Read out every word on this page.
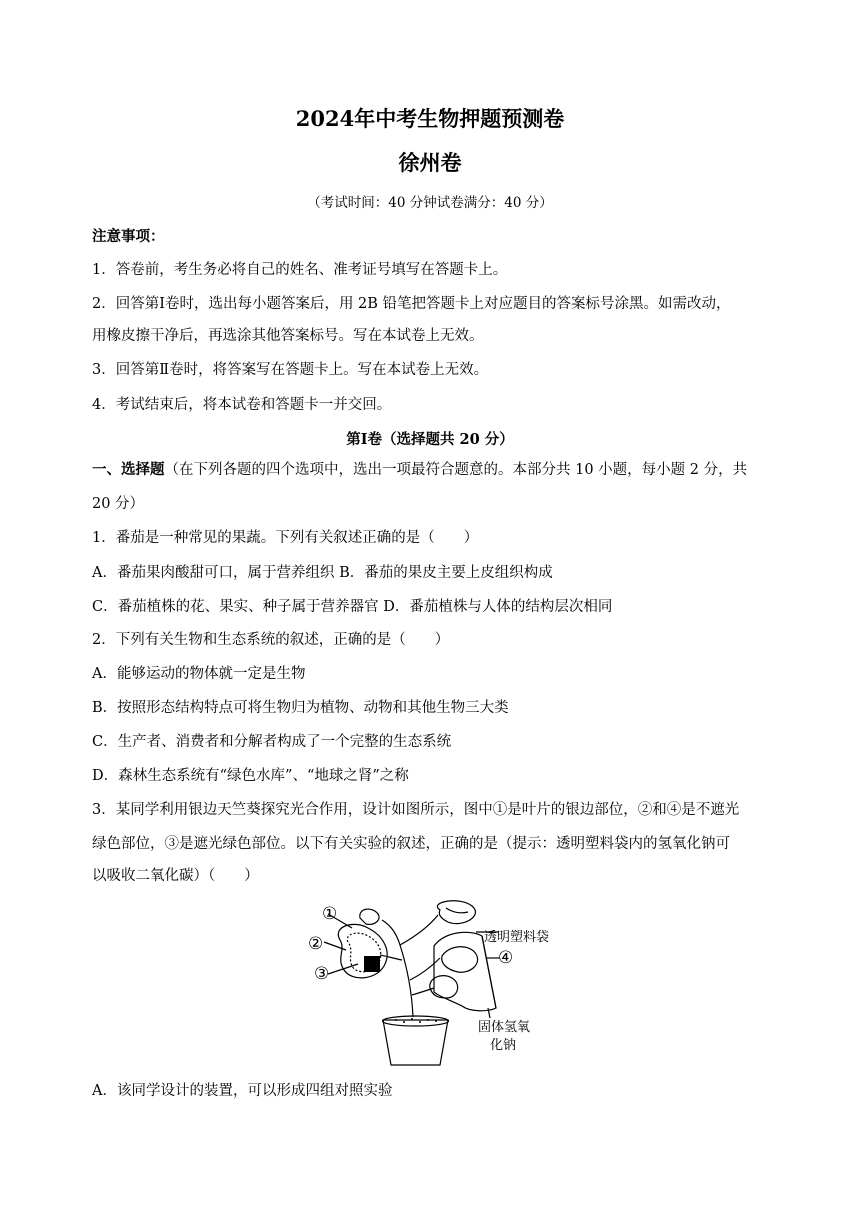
2024年中考生物押题预测卷
徐州卷
（考试时间：40 分钟试卷满分：40 分）
注意事项：
1．答卷前，考生务必将自己的姓名、准考证号填写在答题卡上。
2．回答第Ⅰ卷时，选出每小题答案后，用 2B 铅笔把答题卡上对应题目的答案标号涂黑。如需改动，
用橡皮擦干净后，再选涂其他答案标号。写在本试卷上无效。
3．回答第Ⅱ卷时，将答案写在答题卡上。写在本试卷上无效。
4．考试结束后，将本试卷和答题卡一并交回。
第Ⅰ卷（选择题共 20 分）
一、选择题（在下列各题的四个选项中，选出一项最符合题意的。本部分共 10 小题，每小题 2 分，共
20 分）
1．番茄是一种常见的果蔬。下列有关叙述正确的是（　　）
A．番茄果肉酸甜可口，属于营养组织 B．番茄的果皮主要上皮组织构成
C．番茄植株的花、果实、种子属于营养器官 D．番茄植株与人体的结构层次相同
2．下列有关生物和生态系统的叙述，正确的是（　　）
A．能够运动的物体就一定是生物
B．按照形态结构特点可将生物归为植物、动物和其他生物三大类
C．生产者、消费者和分解者构成了一个完整的生态系统
D．森林生态系统有“绿色水库”、“地球之肾”之称
3．某同学利用银边天竺葵探究光合作用，设计如图所示，图中①是叶片的银边部位，②和④是不遮光
绿色部位，③是遮光绿色部位。以下有关实验的叙述，正确的是（提示：透明塑料袋内的氢氧化钠可
以吸收二氧化碳）（　　）
①
②
③
④
透明塑料袋
固体氢氧
化钠
A．该同学设计的装置，可以形成四组对照实验
